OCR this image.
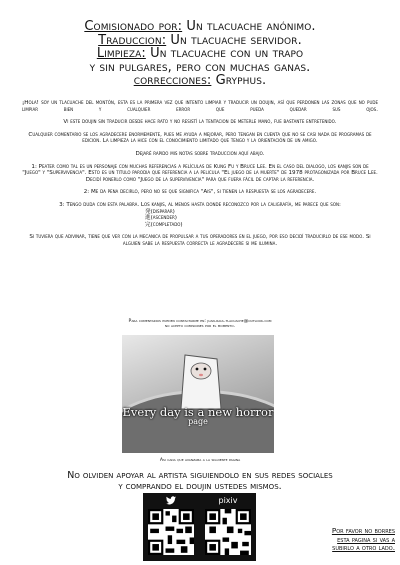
Comisionado por: Un tlacuache anónimo.
Traduccion: Un tlacuache servidor.
Limpieza: Un tlacuache con un trapo
y sin pulgares, pero con muchas ganas.
correcciones: Gryphus.

¡Hola! soy un tlacuache del montón, esta es la primera vez que intento limpiar y traducir un doujin, así que perdonen las zonas que no pude limpiar bien y cualquier error que pueda quedar sus ojos.

Vi este doujin sin traducir desde hace rato y no resistí la tentacion de meterle mano, fue bastante entretenido.

Cualquier comentario se los agradecere enormemente, pues me ayuda a mejorar, pero tengan en cuenta que no se casi nada de programas de edicion. La limpieza la hice con el conocimiento limitado que tengo y la orientación de un amigo.

Dejaré rapido mis notas sobre traduccion aquí abajo.

1: Peater como tal es un personaje con muchas referencias a películas de Kung Fu y Bruce Lee. En el caso del dialogo, los kanjis son de "Juego" y "Supervivencia". Esto es un titulo parodia que referencia a la pelicula "El juego de la muerte" de 1978 protagonizada por Bruce Lee.
Decidí ponerlo como "Juego de la supervivencia" para que fuera fácil de captar la referencia.

2: Me da pena decirlo, pero no se que significa "Ais", si tienen la respuesta se los agradecere.

3: Tengo duda con esta palabra. Los kanjis, al menos hasta donde reconozco por la caligrafía, me parece que son:

発(disparar)
進(ascender)
完(completado)

Si tuviera que adivinar, tiene que ver con la mecanica de propulsar a tus operadores en el juego, por eso decidí traducirlo de ese modo. Si alguien sabe la respuesta correcta le agradecere si me ilumina.

Para comentarios pueden contactarme en: juan.raul.tlacuache@outlook.com
no acepto comisiones por el momento.
Every day is a new horror
page
Asi cada que avanzaba a la siguiente pagina
No olviden apoyar al artista siguiendolo en sus redes sociales
y comprando el doujin ustedes mismos.
pixiv
Por favor no borres
esta pagina si vas a
subirlo a otro lado.
